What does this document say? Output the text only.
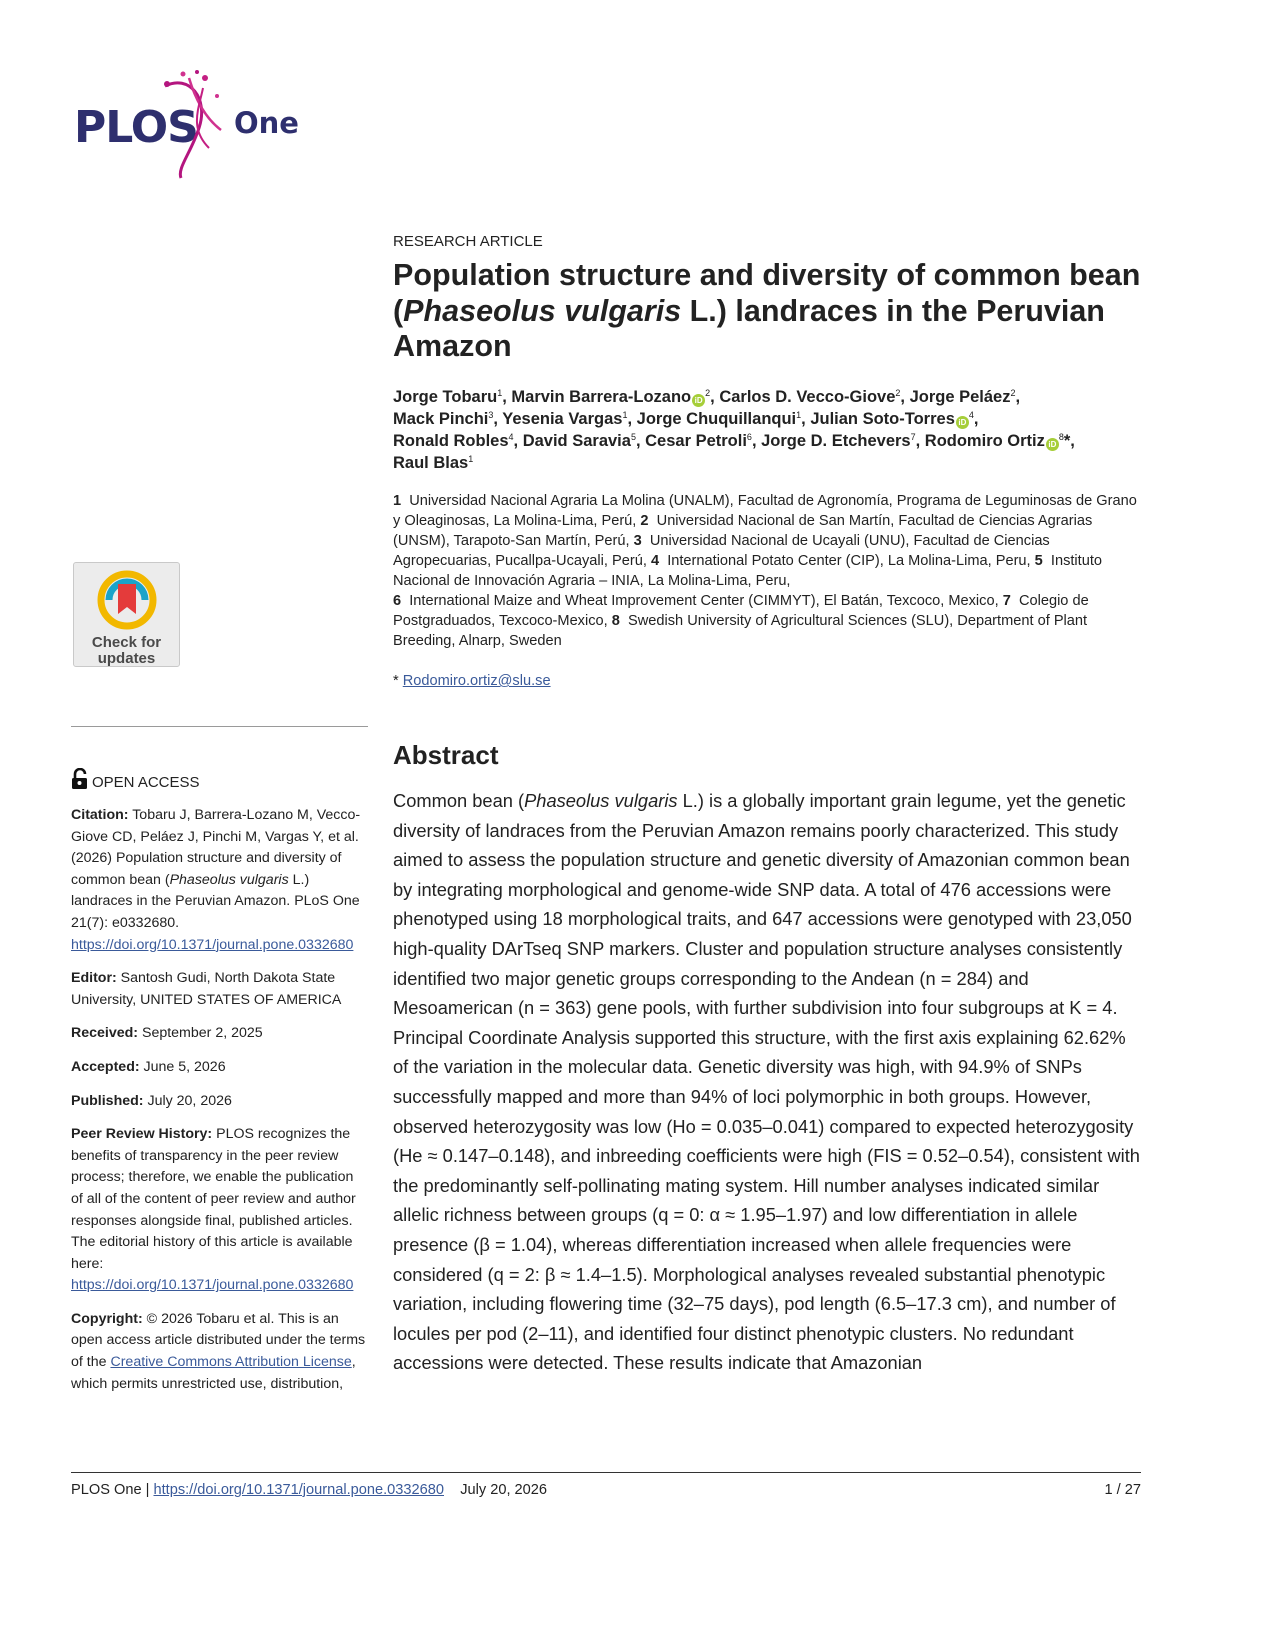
PLOS One
Check for
updates
OPEN ACCESS

Citation: Tobaru J, Barrera-Lozano M, Vecco-Giove CD, Peláez J, Pinchi M, Vargas Y, et al. (2026) Population structure and diversity of common bean (Phaseolus vulgaris L.) landraces in the Peruvian Amazon. PLoS One 21(7): e0332680. https://doi.org/10.1371/journal.pone.0332680

Editor: Santosh Gudi, North Dakota State University, UNITED STATES OF AMERICA

Received: September 2, 2025

Accepted: June 5, 2026

Published: July 20, 2026

Peer Review History: PLOS recognizes the benefits of transparency in the peer review process; therefore, we enable the publication of all of the content of peer review and author responses alongside final, published articles. The editorial history of this article is available here: https://doi.org/10.1371/journal.pone.0332680

Copyright: © 2026 Tobaru et al. This is an open access article distributed under the terms of the Creative Commons Attribution License, which permits unrestricted use, distribution,

RESEARCH ARTICLE
Population structure and diversity of common bean (Phaseolus vulgaris L.) landraces in the Peruvian Amazon
Jorge Tobaru$^1$, Marvin Barrera-Lozano $iD^2$, Carlos D. Vecco-Giove$^2$, Jorge Peláez$^2$,
Mack Pinchi$^3$, Yesenia Vargas$^1$, Jorge Chuquillanqui$^1$, Julian Soto-Torres $iD^4$,
Ronald Robles$^4$, David Saravia$^5$, Cesar Petroli$^6$, Jorge D. Etchevers$^7$, Rodomiro Ortiz $iD^8*$,
Raul Blas$^1$
1 Universidad Nacional Agraria La Molina (UNALM), Facultad de Agronomía, Programa de Leguminosas de Grano y Oleaginosas, La Molina-Lima, Perú, 2 Universidad Nacional de San Martín, Facultad de Ciencias Agrarias (UNSM), Tarapoto-San Martín, Perú, 3 Universidad Nacional de Ucayali (UNU), Facultad de Ciencias Agropecuarias, Pucallpa-Ucayali, Perú, 4 International Potato Center (CIP), La Molina-Lima, Peru, 5 Instituto Nacional de Innovación Agraria – INIA, La Molina-Lima, Peru,
6 International Maize and Wheat Improvement Center (CIMMYT), El Batán, Texcoco, Mexico, 7 Colegio de Postgraduados, Texcoco-Mexico, 8 Swedish University of Agricultural Sciences (SLU), Department of Plant Breeding, Alnarp, Sweden
* Rodomiro.ortiz@slu.se
Abstract

Common bean (Phaseolus vulgaris L.) is a globally important grain legume, yet the genetic diversity of landraces from the Peruvian Amazon remains poorly characterized. This study aimed to assess the population structure and genetic diversity of Amazonian common bean by integrating morphological and genome-wide SNP data. A total of 476 accessions were phenotyped using 18 morphological traits, and 647 accessions were genotyped with 23,050 high-quality DArTseq SNP markers. Cluster and population structure analyses consistently identified two major genetic groups corresponding to the Andean (n = 284) and Mesoamerican (n = 363) gene pools, with further subdivision into four subgroups at K = 4. Principal Coordinate Analysis supported this structure, with the first axis explaining 62.62% of the variation in the molecular data. Genetic diversity was high, with 94.9% of SNPs successfully mapped and more than 94% of loci polymorphic in both groups. However, observed heterozygosity was low (Ho = 0.035–0.041) compared to expected heterozygosity (He ≈ 0.147–0.148), and inbreeding coefficients were high (FIS = 0.52–0.54), consistent with the predominantly self-pollinating mating system. Hill number analyses indicated similar allelic richness between groups (q = 0: α ≈ 1.95–1.97) and low differentiation in allele presence (β = 1.04), whereas differentiation increased when allele frequencies were considered (q = 2: β ≈ 1.4–1.5). Morphological analyses revealed substantial phenotypic variation, including flowering time (32–75 days), pod length (6.5–17.3 cm), and number of locules per pod (2–11), and identified four distinct phenotypic clusters. No redundant accessions were detected. These results indicate that Amazonian

PLOS One | https://doi.org/10.1371/journal.pone.0332680 July 20, 2026	1 / 27
